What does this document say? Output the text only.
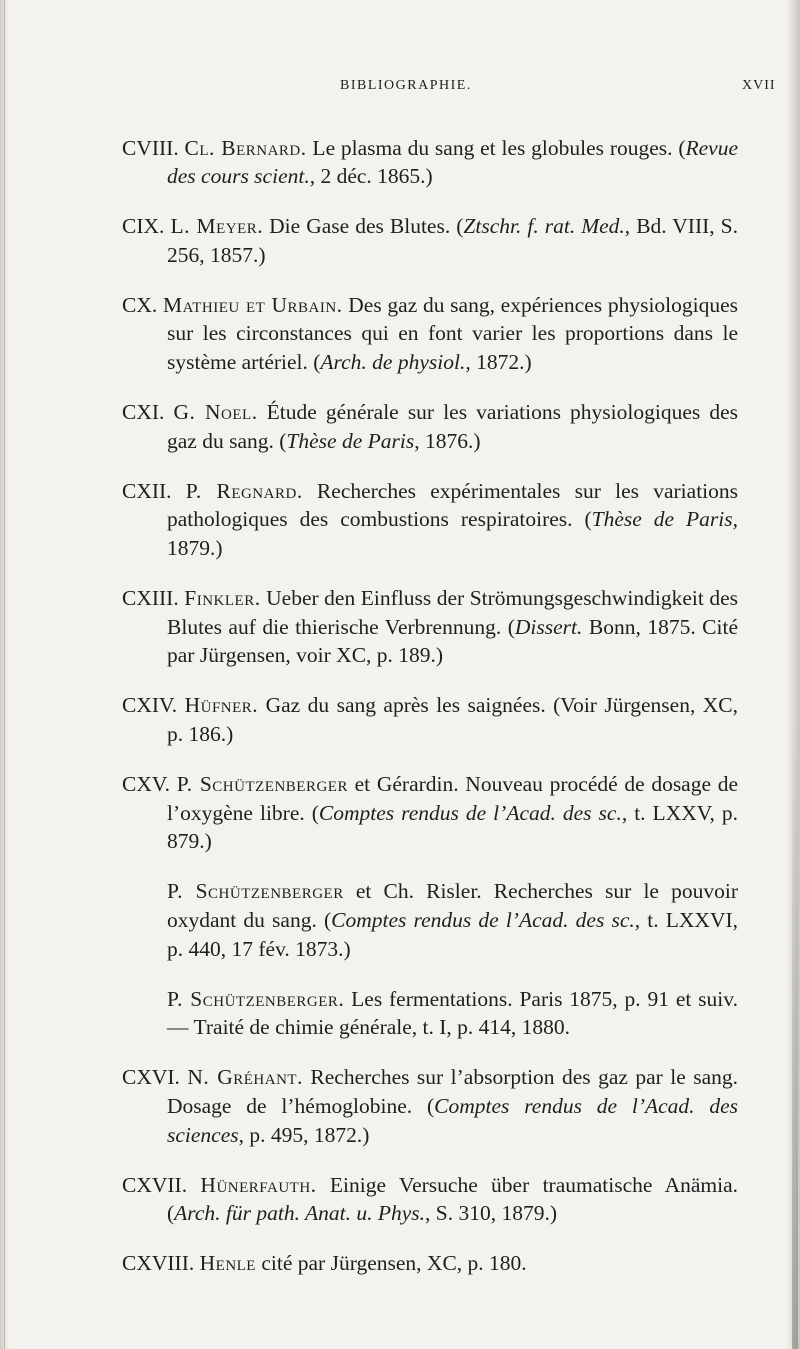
BIBLIOGRAPHIE.	XVII

CVIII. Cl. Bernard. Le plasma du sang et les globules rouges. (Revue des cours scient., 2 déc. 1865.)

CIX. L. Meyer. Die Gase des Blutes. (Ztschr. f. rat. Med., Bd. VIII, S. 256, 1857.)

CX. Mathieu et Urbain. Des gaz du sang, expériences physiologiques sur les circonstances qui en font varier les proportions dans le système artériel. (Arch. de physiol., 1872.)

CXI. G. Noel. Étude générale sur les variations physiologiques des gaz du sang. (Thèse de Paris, 1876.)

CXII. P. Regnard. Recherches expérimentales sur les variations pathologiques des combustions respiratoires. (Thèse de Paris, 1879.)

CXIII. Finkler. Ueber den Einfluss der Strömungsgeschwindigkeit des Blutes auf die thierische Verbrennung. (Dissert. Bonn, 1875. Cité par Jürgensen, voir XC, p. 189.)

CXIV. Hüfner. Gaz du sang après les saignées. (Voir Jürgensen, XC, p. 186.)

CXV. P. Schützenberger et Gérardin. Nouveau procédé de dosage de l’oxygène libre. (Comptes rendus de l’Acad. des sc., t. LXXV, p. 879.)

P. Schützenberger et Ch. Risler. Recherches sur le pouvoir oxydant du sang. (Comptes rendus de l’Acad. des sc., t. LXXVI, p. 440, 17 fév. 1873.)

P. Schützenberger. Les fermentations. Paris 1875, p. 91 et suiv. — Traité de chimie générale, t. I, p. 414, 1880.

CXVI. N. Gréhant. Recherches sur l’absorption des gaz par le sang. Dosage de l’hémoglobine. (Comptes rendus de l’Acad. des sciences, p. 495, 1872.)

CXVII. Hünerfauth. Einige Versuche über traumatische Anämia. (Arch. für path. Anat. u. Phys., S. 310, 1879.)

CXVIII. Henle cité par Jürgensen, XC, p. 180.
